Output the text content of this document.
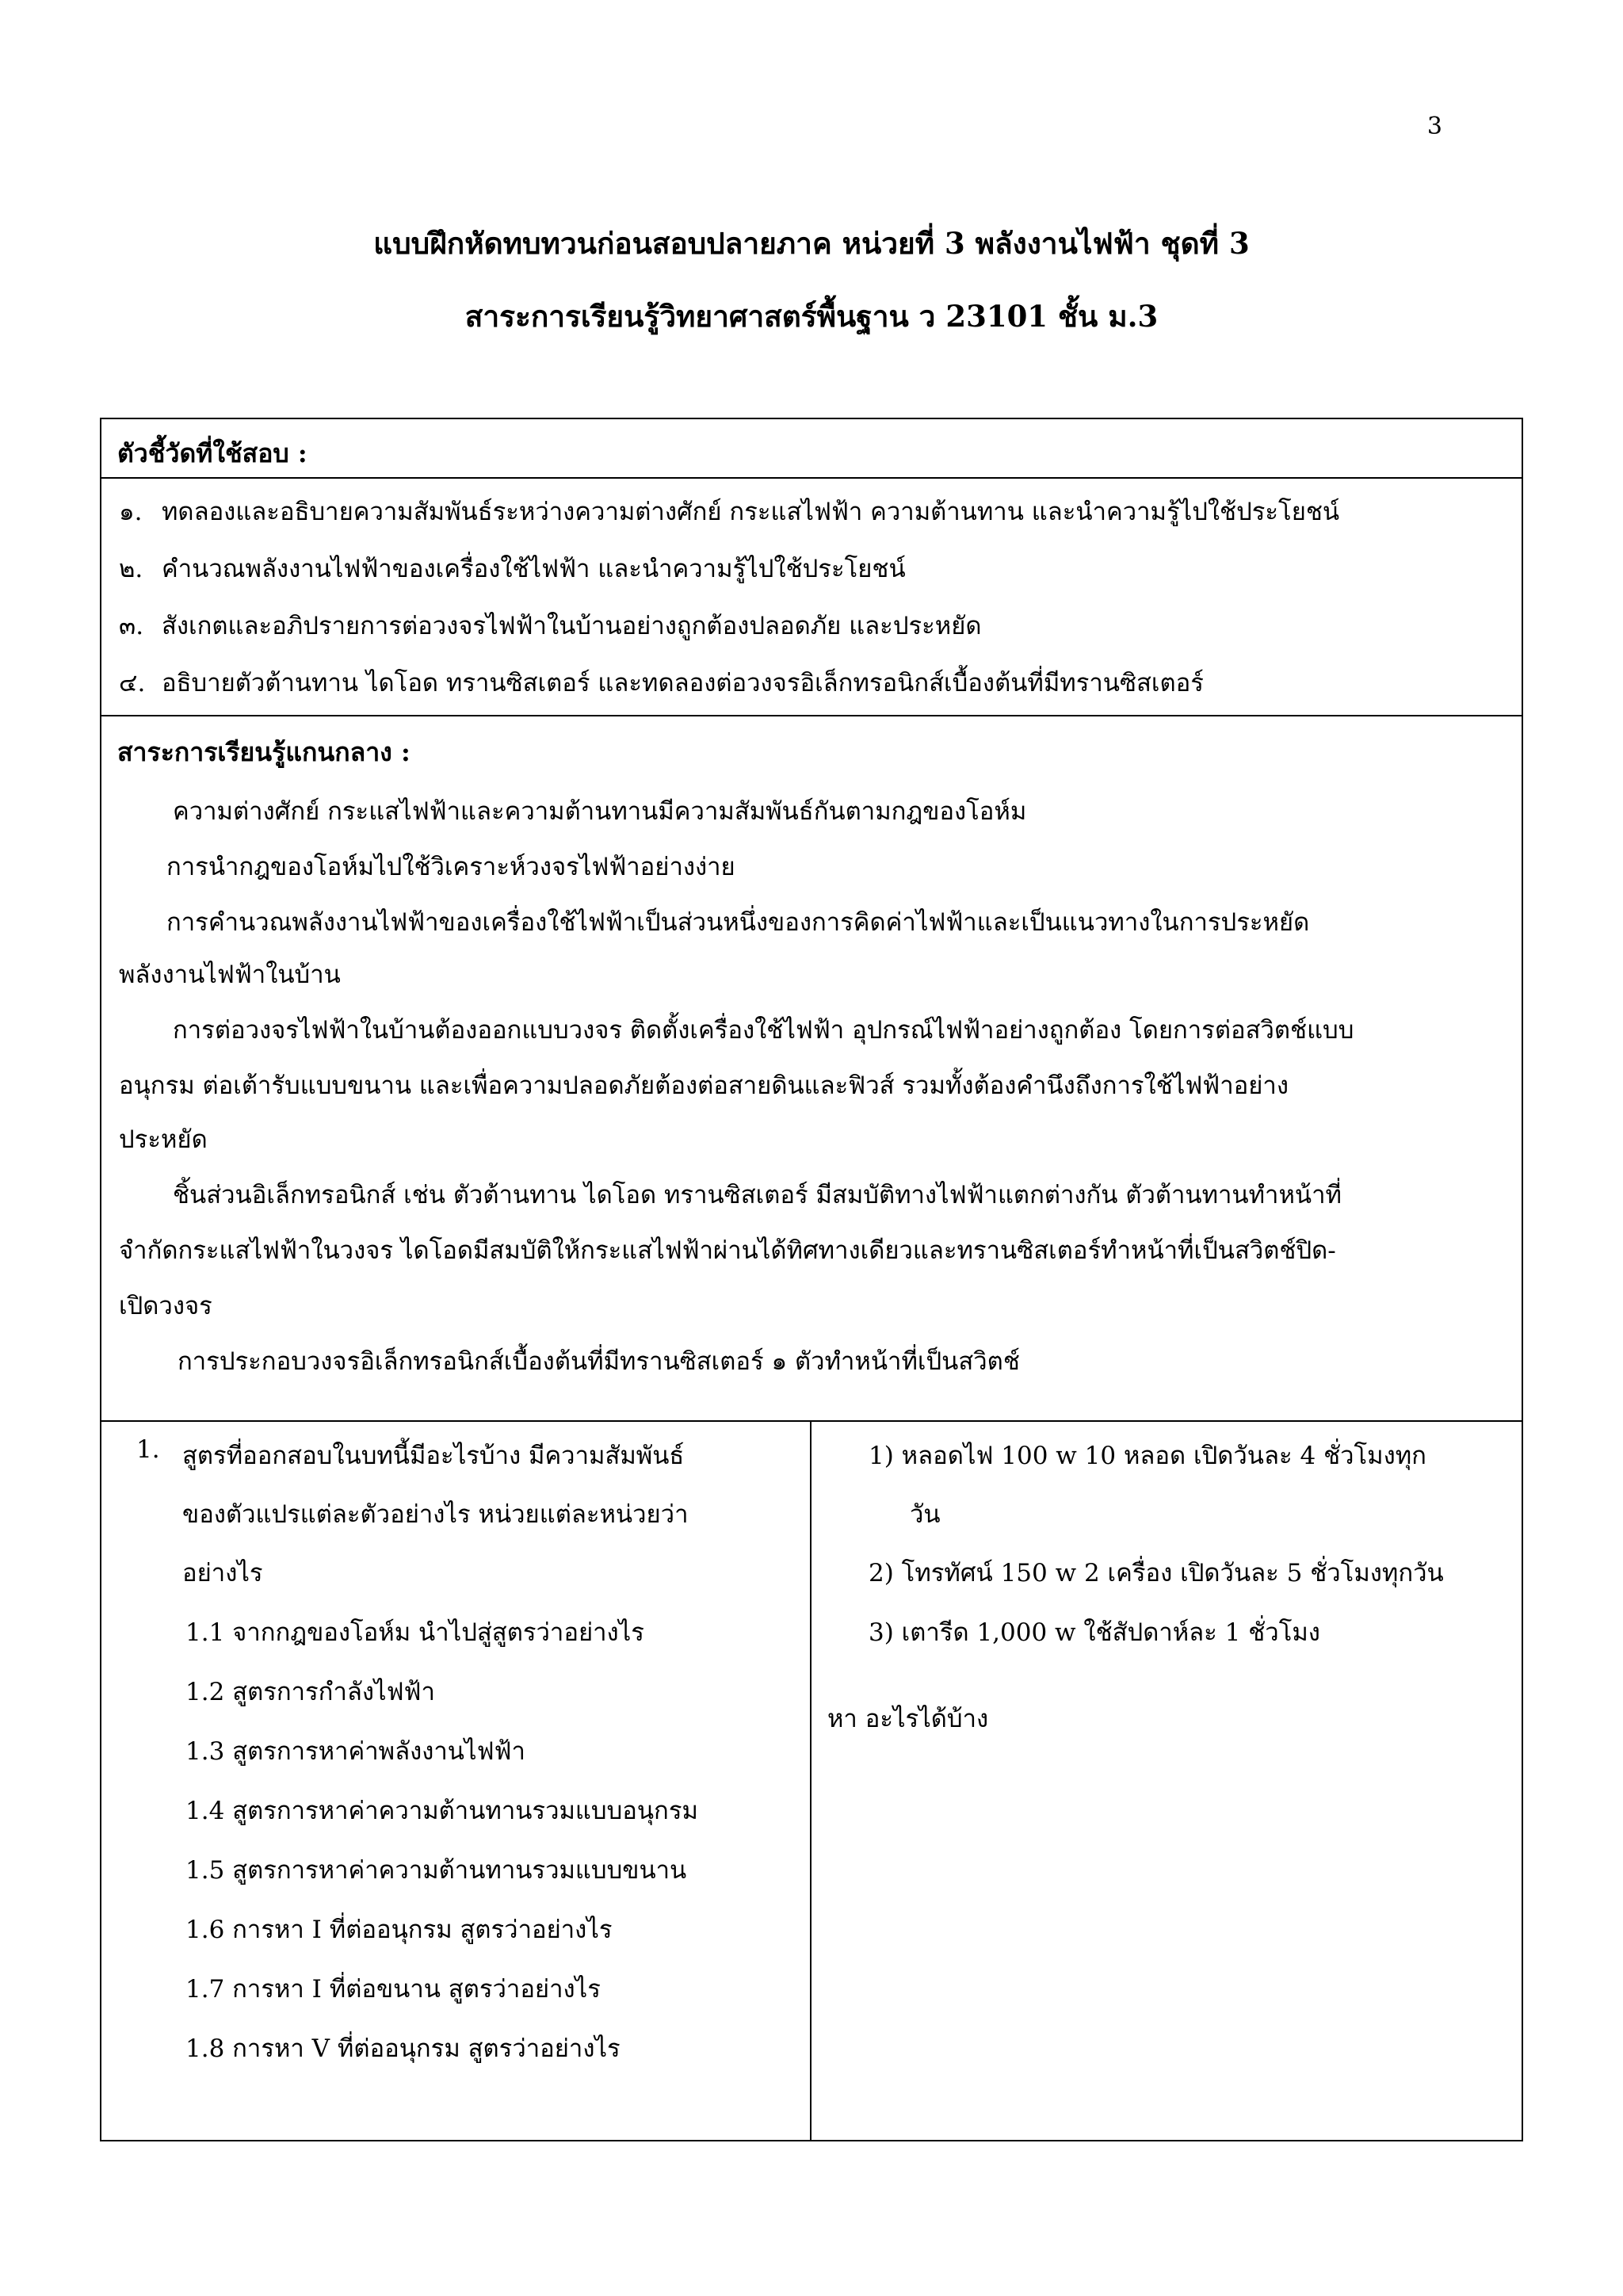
3
แบบฝึกหัดทบทวนก่อนสอบปลายภาค หน่วยที่ 3 พลังงานไฟฟ้า ชุดที่ 3
สาระการเรียนรู้วิทยาศาสตร์พื้นฐาน ว 23101 ชั้น ม.3
ตัวชี้วัดที่ใช้สอบ :
๑. ทดลองและอธิบายความสัมพันธ์ระหว่างความต่างศักย์ กระแสไฟฟ้า ความต้านทาน และนำความรู้ไปใช้ประโยชน์
๒. คำนวณพลังงานไฟฟ้าของเครื่องใช้ไฟฟ้า และนำความรู้ไปใช้ประโยชน์
๓. สังเกตและอภิปรายการต่อวงจรไฟฟ้าในบ้านอย่างถูกต้องปลอดภัย และประหยัด
๔. อธิบายตัวต้านทาน ไดโอด ทรานซิสเตอร์ และทดลองต่อวงจรอิเล็กทรอนิกส์เบื้องต้นที่มีทรานซิสเตอร์
สาระการเรียนรู้แกนกลาง :
ความต่างศักย์ กระแสไฟฟ้าและความต้านทานมีความสัมพันธ์กันตามกฎของโอห์ม
การนำกฎของโอห์มไปใช้วิเคราะห์วงจรไฟฟ้าอย่างง่าย
การคำนวณพลังงานไฟฟ้าของเครื่องใช้ไฟฟ้าเป็นส่วนหนึ่งของการคิดค่าไฟฟ้าและเป็นแนวทางในการประหยัด
พลังงานไฟฟ้าในบ้าน
การต่อวงจรไฟฟ้าในบ้านต้องออกแบบวงจร ติดตั้งเครื่องใช้ไฟฟ้า อุปกรณ์ไฟฟ้าอย่างถูกต้อง โดยการต่อสวิตช์แบบ
อนุกรม ต่อเต้ารับแบบขนาน และเพื่อความปลอดภัยต้องต่อสายดินและฟิวส์ รวมทั้งต้องคำนึงถึงการใช้ไฟฟ้าอย่าง
ประหยัด
ชิ้นส่วนอิเล็กทรอนิกส์ เช่น ตัวต้านทาน ไดโอด ทรานซิสเตอร์ มีสมบัติทางไฟฟ้าแตกต่างกัน ตัวต้านทานทำหน้าที่
จำกัดกระแสไฟฟ้าในวงจร ไดโอดมีสมบัติให้กระแสไฟฟ้าผ่านได้ทิศทางเดียวและทรานซิสเตอร์ทำหน้าที่เป็นสวิตช์ปิด-
เปิดวงจร
การประกอบวงจรอิเล็กทรอนิกส์เบื้องต้นที่มีทรานซิสเตอร์ ๑ ตัวทำหน้าที่เป็นสวิตช์
1. สูตรที่ออกสอบในบทนี้มีอะไรบ้าง มีความสัมพันธ์
ของตัวแปรแต่ละตัวอย่างไร หน่วยแต่ละหน่วยว่า
อย่างไร
1.1 จากกฎของโอห์ม นำไปสู่สูตรว่าอย่างไร
1.2 สูตรการกำลังไฟฟ้า
1.3 สูตรการหาค่าพลังงานไฟฟ้า
1.4 สูตรการหาค่าความต้านทานรวมแบบอนุกรม
1.5 สูตรการหาค่าความต้านทานรวมแบบขนาน
1.6 การหา I ที่ต่ออนุกรม สูตรว่าอย่างไร
1.7 การหา I ที่ต่อขนาน สูตรว่าอย่างไร
1.8 การหา V ที่ต่ออนุกรม สูตรว่าอย่างไร
1) หลอดไฟ 100 w 10 หลอด เปิดวันละ 4 ชั่วโมงทุก
วัน
2) โทรทัศน์ 150 w 2 เครื่อง เปิดวันละ 5 ชั่วโมงทุกวัน
3) เตารีด 1,000 w ใช้สัปดาห์ละ 1 ชั่วโมง
หา อะไรได้บ้าง
